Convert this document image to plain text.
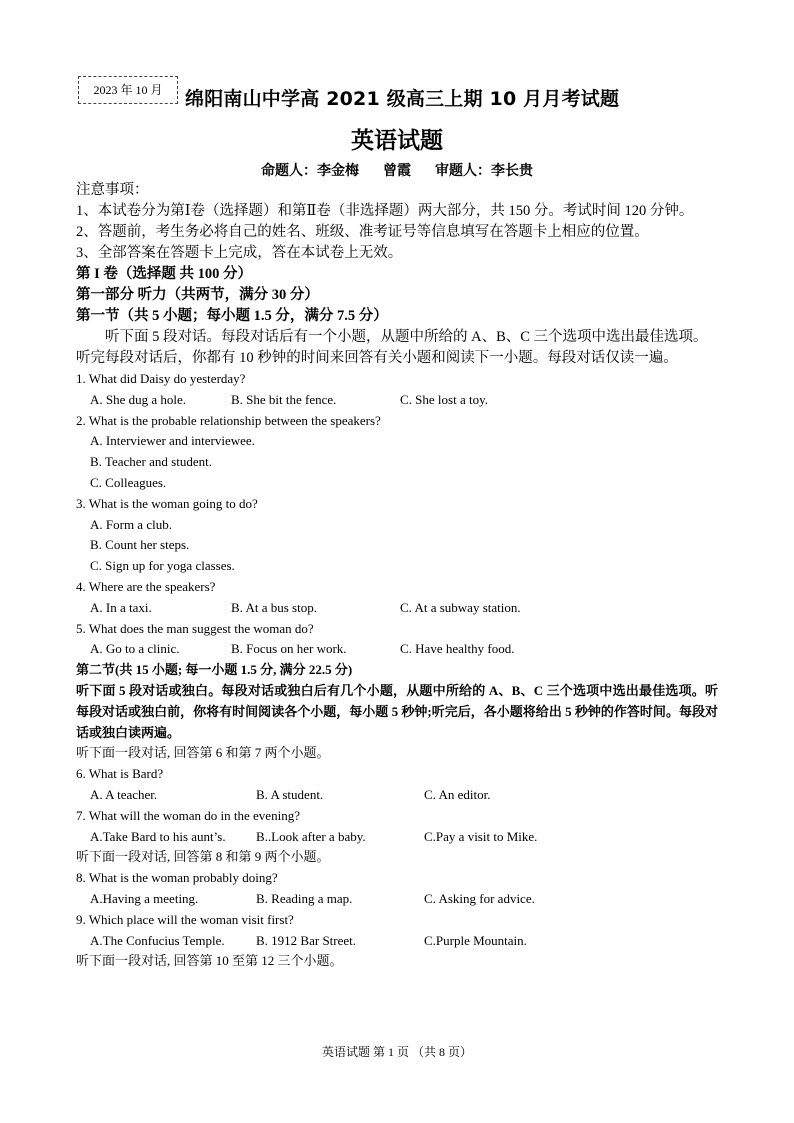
2023 年 10 月	绵阳南山中学高 2021 级高三上期 10 月月考试题
英语试题
命题人：李金梅 曾霞 审题人：李长贵
注意事项：
1、本试卷分为第Ⅰ卷（选择题）和第Ⅱ卷（非选择题）两大部分，共 150 分。考试时间 120 分钟。
2、答题前，考生务必将自己的姓名、班级、准考证号等信息填写在答题卡上相应的位置。
3、全部答案在答题卡上完成，答在本试卷上无效。
第 I 卷（选择题 共 100 分）
第一部分 听力（共两节，满分 30 分）
第一节（共 5 小题；每小题 1.5 分，满分 7.5 分）
听下面 5 段对话。每段对话后有一个小题，从题中所给的 A、B、C 三个选项中选出最佳选项。听完每段对话后，你都有 10 秒钟的时间来回答有关小题和阅读下一小题。每段对话仅读一遍。
1. What did Daisy do yesterday?
A. She dug a hole.	B. She bit the fence.	C. She lost a toy.
2. What is the probable relationship between the speakers?
A. Interviewer and interviewee.
B. Teacher and student.
C. Colleagues.
3. What is the woman going to do?
A. Form a club.
B. Count her steps.
C. Sign up for yoga classes.
4. Where are the speakers?
A. In a taxi.	B. At a bus stop.	C. At a subway station.
5. What does the man suggest the woman do?
A. Go to a clinic.	B. Focus on her work.	C. Have healthy food.
第二节(共 15 小题; 每一小题 1.5 分, 满分 22.5 分)
听下面 5 段对话或独白。每段对话或独白后有几个小题，从题中所给的 A、B、C 三个选项中选出最佳选项。听每段对话或独白前，你将有时间阅读各个小题，每小题 5 秒钟;听完后，各小题将给出 5 秒钟的作答时间。每段对话或独白读两遍。
听下面一段对话, 回答第 6 和第 7 两个小题。
6. What is Bard?
A. A teacher.	B. A student.	C. An editor.
7. What will the woman do in the evening?
A.Take Bard to his aunt’s.	B..Look after a baby.	C.Pay a visit to Mike.
听下面一段对话, 回答第 8 和第 9 两个小题。
8. What is the woman probably doing?
A.Having a meeting.	B. Reading a map.	C. Asking for advice.
9. Which place will the woman visit first?
A.The Confucius Temple.	B. 1912 Bar Street.	C.Purple Mountain.
听下面一段对话, 回答第 10 至第 12 三个小题。
英语试题 第 1 页 （共 8 页）
